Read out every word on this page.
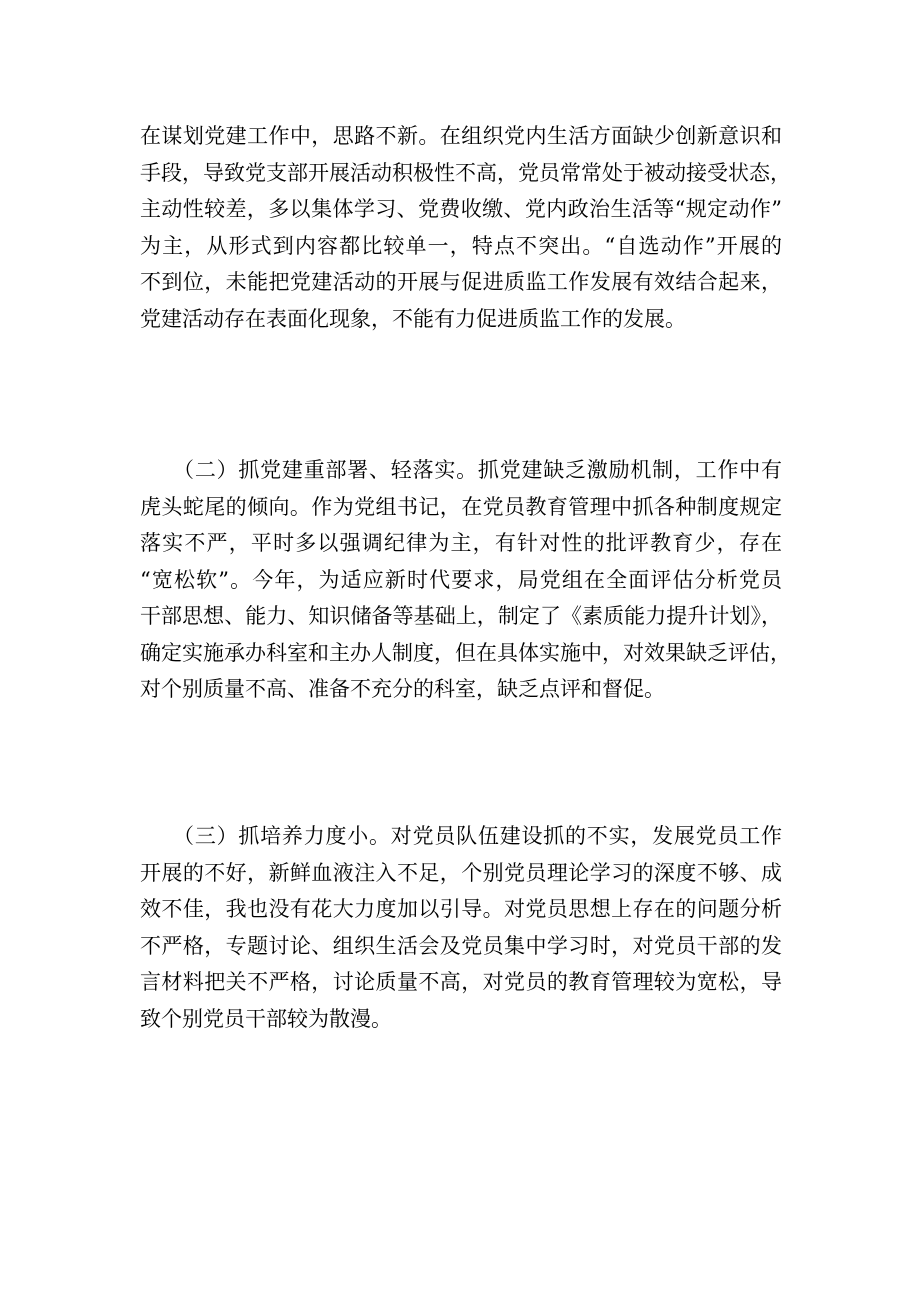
在谋划党建工作中，思路不新。在组织党内生活方面缺少创新意识和
手段，导致党支部开展活动积极性不高，党员常常处于被动接受状态，
主动性较差，多以集体学习、党费收缴、党内政治生活等“规定动作”
为主，从形式到内容都比较单一，特点不突出。“自选动作”开展的
不到位，未能把党建活动的开展与促进质监工作发展有效结合起来，
党建活动存在表面化现象，不能有力促进质监工作的发展。

　　（二）抓党建重部署、轻落实。抓党建缺乏激励机制，工作中有
虎头蛇尾的倾向。作为党组书记，在党员教育管理中抓各种制度规定
落实不严，平时多以强调纪律为主，有针对性的批评教育少，存在
“宽松软”。今年，为适应新时代要求，局党组在全面评估分析党员
干部思想、能力、知识储备等基础上，制定了《素质能力提升计划》，
确定实施承办科室和主办人制度，但在具体实施中，对效果缺乏评估，
对个别质量不高、准备不充分的科室，缺乏点评和督促。

　　（三）抓培养力度小。对党员队伍建设抓的不实，发展党员工作
开展的不好，新鲜血液注入不足，个别党员理论学习的深度不够、成
效不佳，我也没有花大力度加以引导。对党员思想上存在的问题分析
不严格，专题讨论、组织生活会及党员集中学习时，对党员干部的发
言材料把关不严格，讨论质量不高，对党员的教育管理较为宽松，导
致个别党员干部较为散漫。
